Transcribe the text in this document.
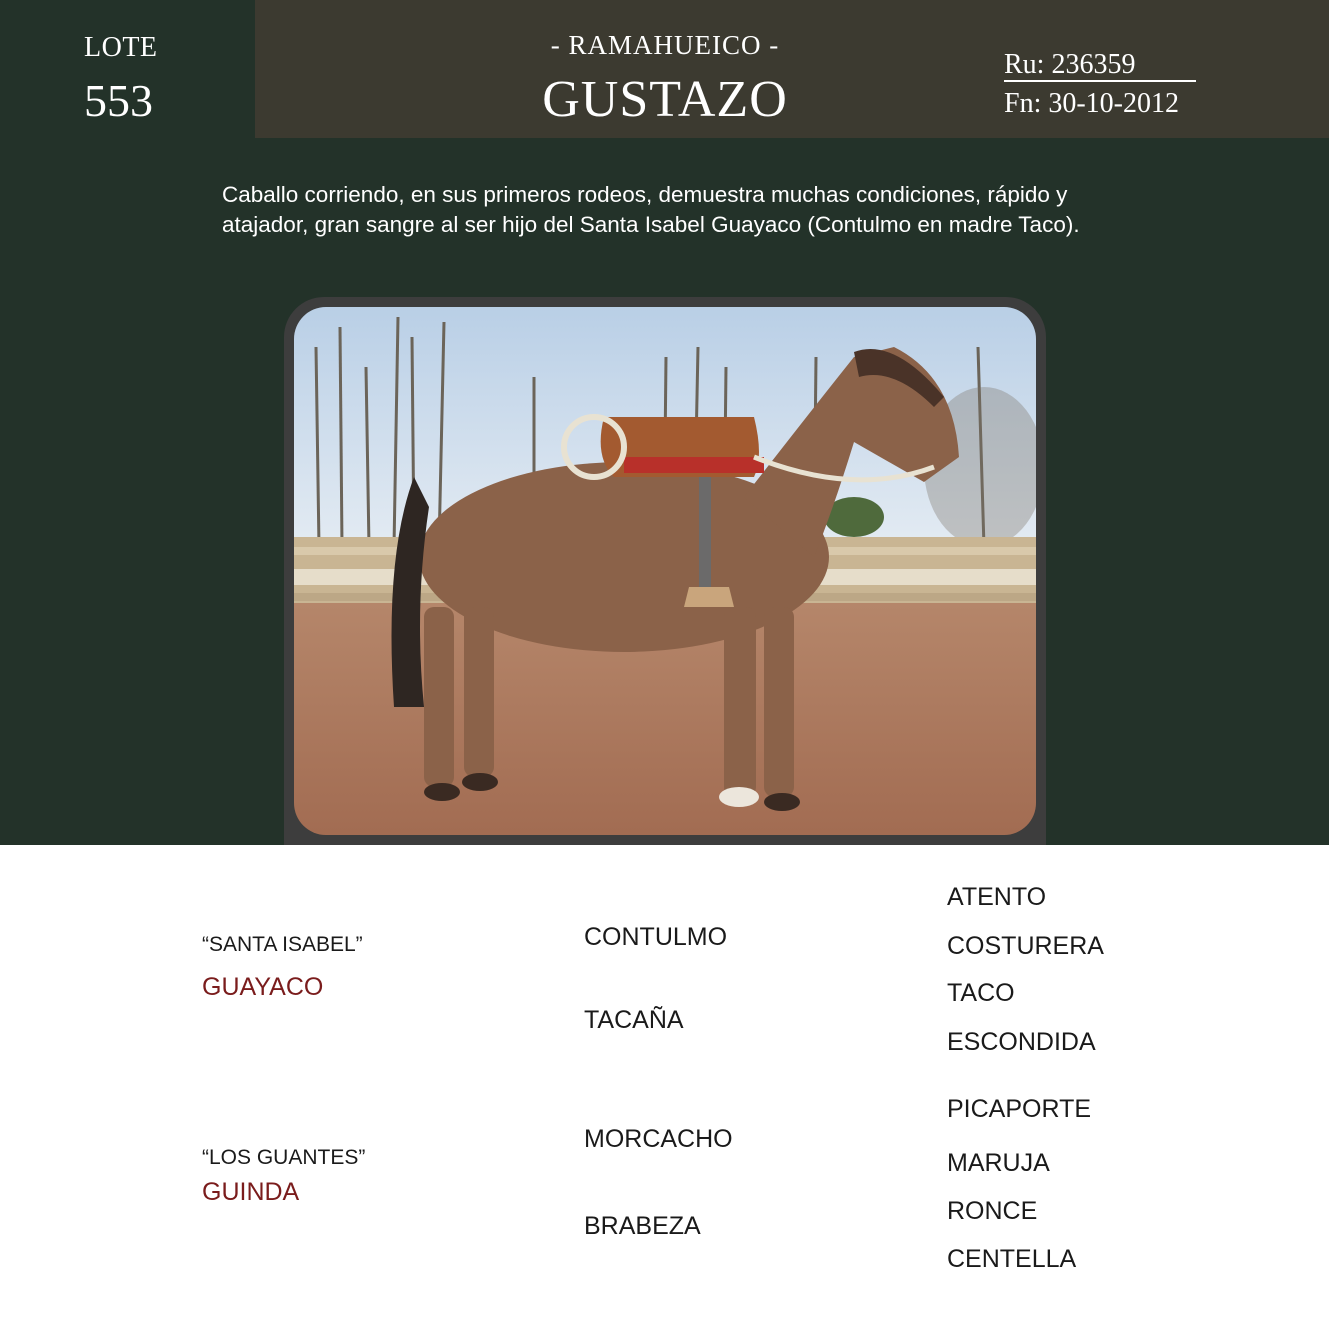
LOTE
553
- RAMAHUEICO -
GUSTAZO
Ru: 236359
Fn: 30-10-2012
Caballo corriendo, en sus primeros rodeos, demuestra muchas condiciones, rápido y atajador, gran sangre al ser hijo del Santa Isabel Guayaco (Contulmo en madre Taco).
“SANTA ISABEL”
GUAYACO
“LOS GUANTES”
GUINDA
CONTULMO
TACAÑA
MORCACHO
BRABEZA
ATENTO
COSTURERA
TACO
ESCONDIDA
PICAPORTE
MARUJA
RONCE
CENTELLA
